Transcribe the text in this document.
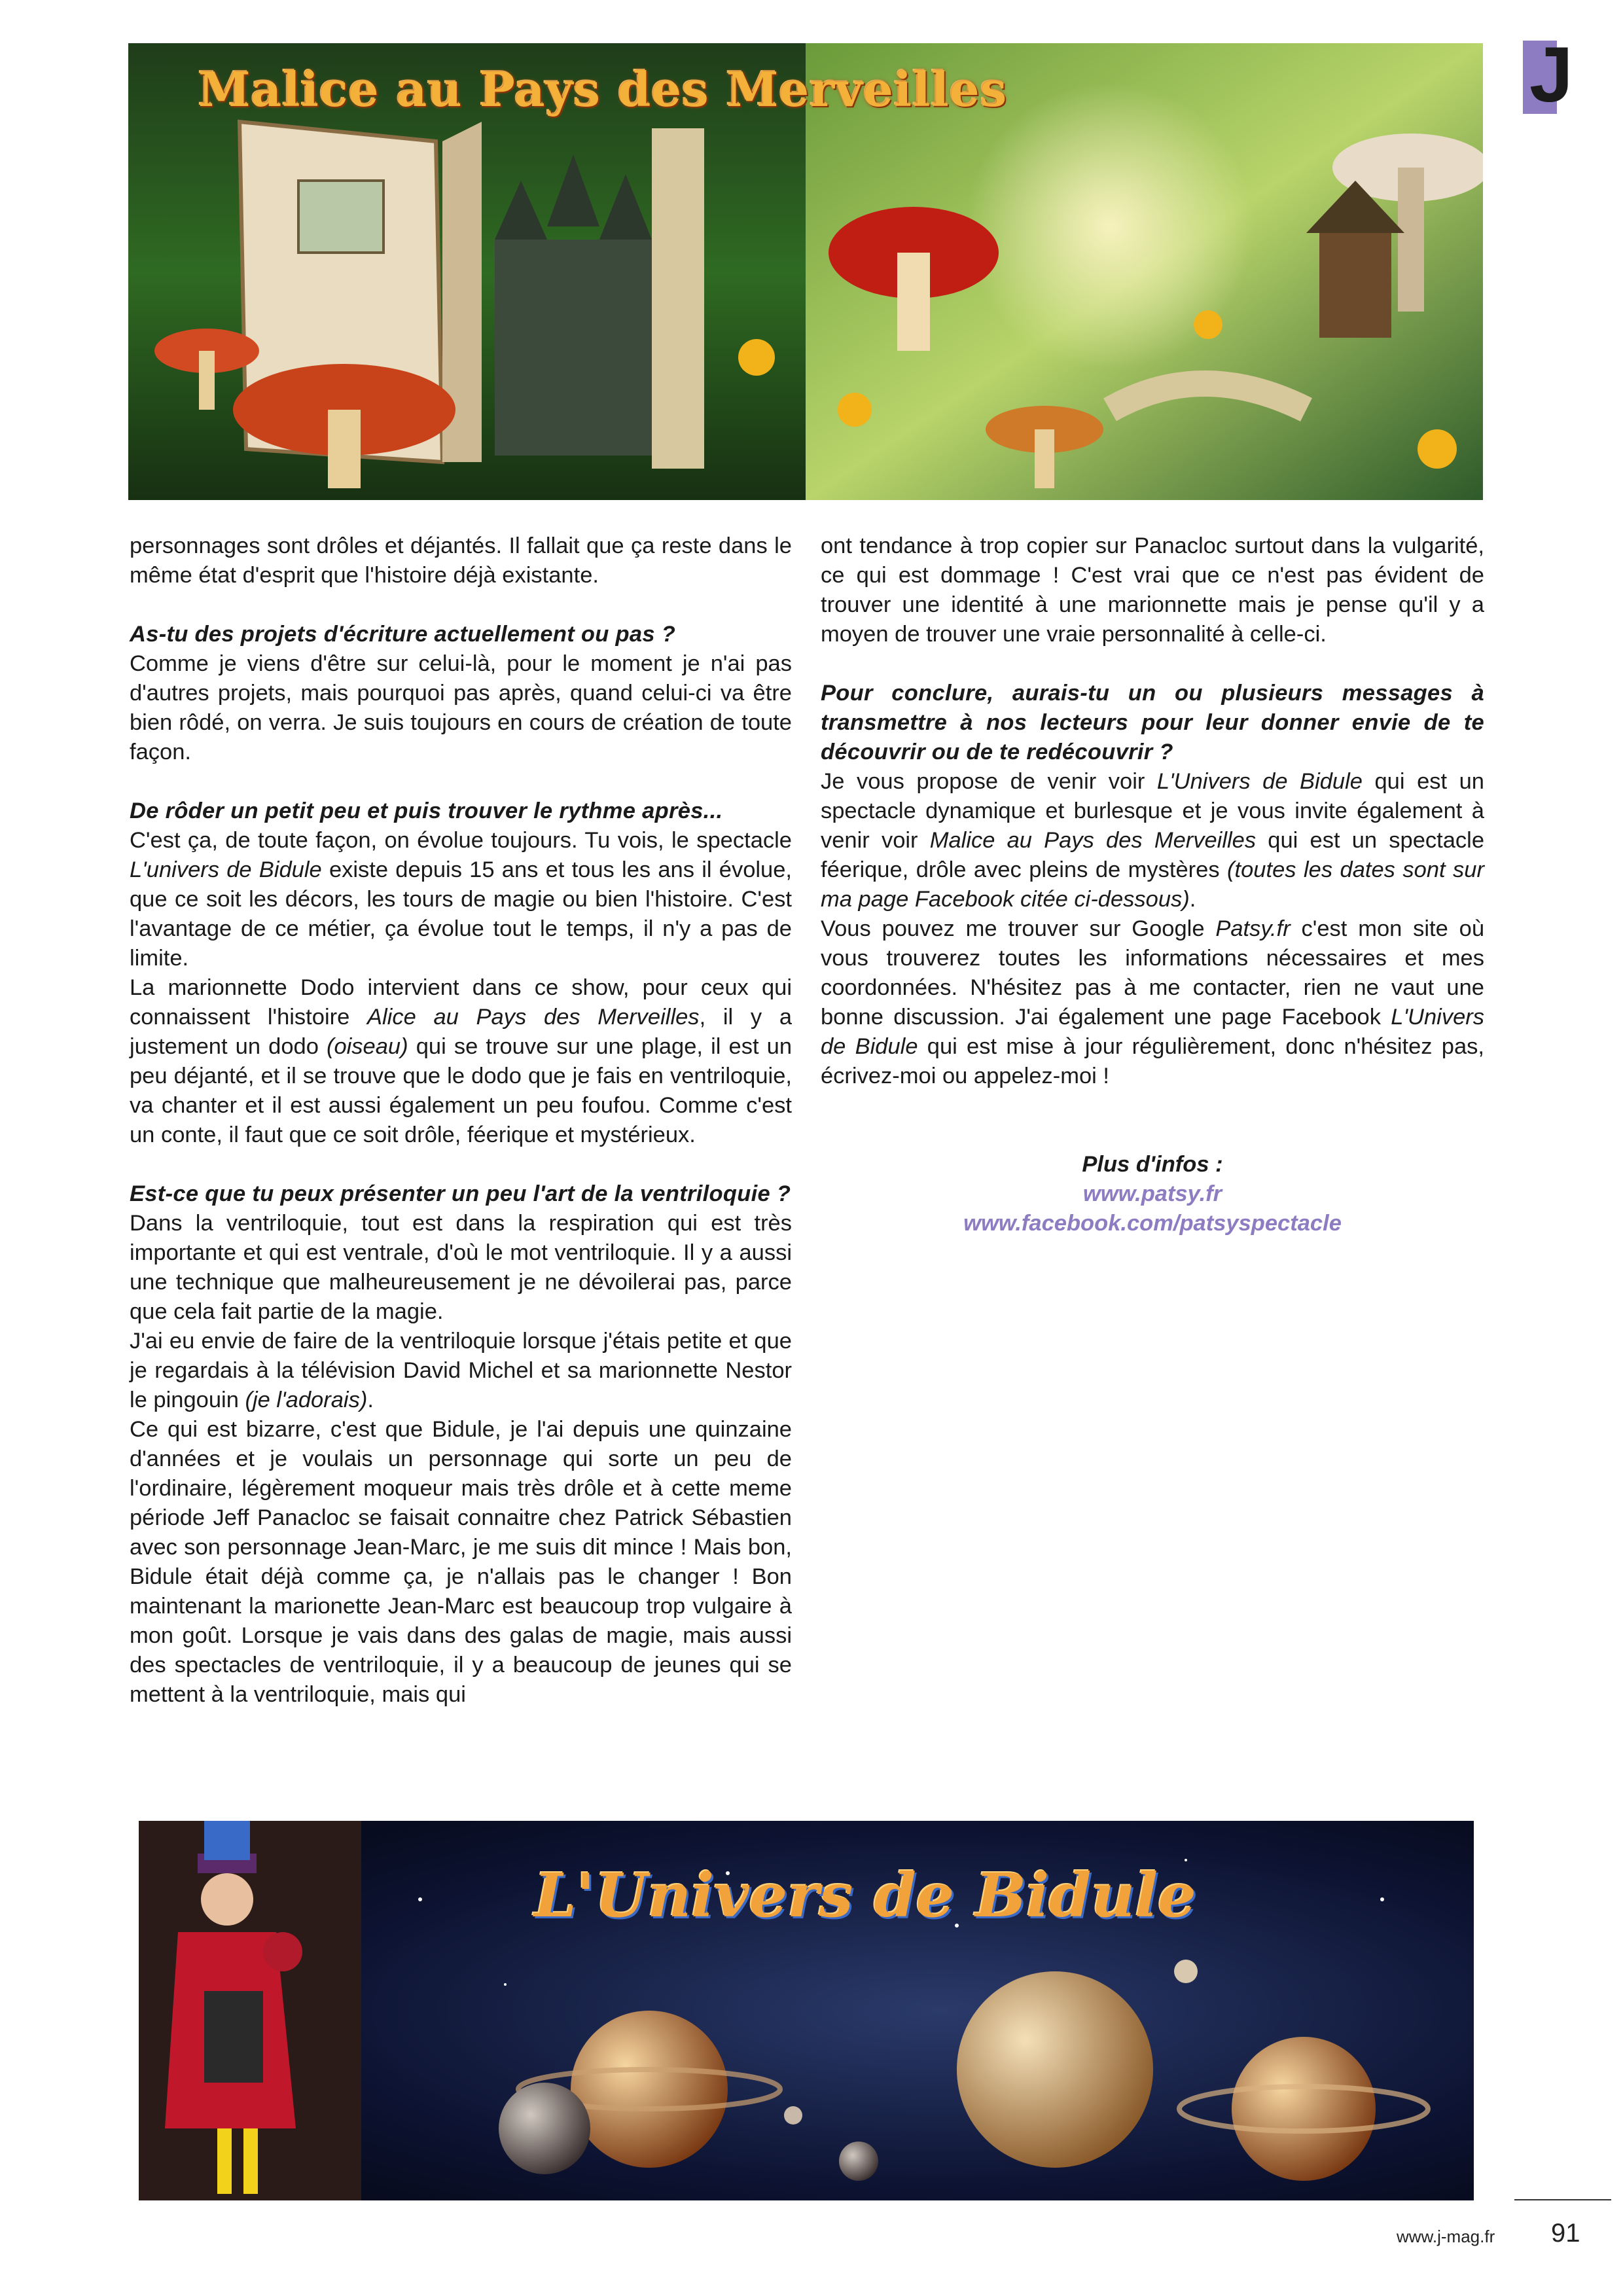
J
Malice au Pays des Merveilles

personnages sont drôles et déjantés. Il fallait que ça reste dans le même état d'esprit que l'histoire déjà existante.

As-tu des projets d'écriture actuellement ou pas ?

Comme je viens d'être sur celui-là, pour le moment je n'ai pas d'autres projets, mais pourquoi pas après, quand celui-ci va être bien rôdé, on verra. Je suis toujours en cours de création de toute façon.

De rôder un petit peu et puis trouver le rythme après...

C'est ça, de toute façon, on évolue toujours. Tu vois, le spectacle L'univers de Bidule existe depuis 15 ans et tous les ans il évolue, que ce soit les décors, les tours de magie ou bien l'histoire. C'est l'avantage de ce métier, ça évolue tout le temps, il n'y a pas de limite.

La marionnette Dodo intervient dans ce show, pour ceux qui connaissent l'histoire Alice au Pays des Merveilles, il y a justement un dodo (oiseau) qui se trouve sur une plage, il est un peu déjanté, et il se trouve que le dodo que je fais en ventriloquie, va chanter et il est aussi également un peu foufou. Comme c'est un conte, il faut que ce soit drôle, féerique et mystérieux.

Est-ce que tu peux présenter un peu l'art de la ventriloquie ?

Dans la ventriloquie, tout est dans la respiration qui est très importante et qui est ventrale, d'où le mot ventriloquie. Il y a aussi une technique que malheureusement je ne dévoilerai pas, parce que cela fait partie de la magie.

J'ai eu envie de faire de la ventriloquie lorsque j'étais petite et que je regardais à la télévision David Michel et sa marionnette Nestor le pingouin (je l'adorais).

Ce qui est bizarre, c'est que Bidule, je l'ai depuis une quinzaine d'années et je voulais un personnage qui sorte un peu de l'ordinaire, légèrement moqueur mais très drôle et à cette meme période Jeff Panacloc se faisait connaitre chez Patrick Sébastien avec son personnage Jean-Marc, je me suis dit mince ! Mais bon, Bidule était déjà comme ça, je n'allais pas le changer ! Bon maintenant la marionette Jean-Marc est beaucoup trop vulgaire à mon goût. Lorsque je vais dans des galas de magie, mais aussi des spectacles de ventriloquie, il y a beaucoup de jeunes qui se mettent à la ventriloquie, mais qui

ont tendance à trop copier sur Panacloc surtout dans la vulgarité, ce qui est dommage ! C'est vrai que ce n'est pas évident de trouver une identité à une marionnette mais je pense qu'il y a moyen de trouver une vraie personnalité à celle-ci.

Pour conclure, aurais-tu un ou plusieurs messages à transmettre à nos lecteurs pour leur donner envie de te découvrir ou de te redécouvrir ?

Je vous propose de venir voir L'Univers de Bidule qui est un spectacle dynamique et burlesque et je vous invite également à venir voir Malice au Pays des Merveilles qui est un spectacle féerique, drôle avec pleins de mystères (toutes les dates sont sur ma page Facebook citée ci-dessous).

Vous pouvez me trouver sur Google Patsy.fr c'est mon site où vous trouverez toutes les informations nécessaires et mes coordonnées. N'hésitez pas à me contacter, rien ne vaut une bonne discussion. J'ai également une page Facebook L'Univers de Bidule qui est mise à jour régulièrement, donc n'hésitez pas, écrivez-moi ou appelez-moi !

Plus d'infos :
www.patsy.fr
www.facebook.com/patsyspectacle
L'Univers de Bidule
www.j-mag.fr 91
